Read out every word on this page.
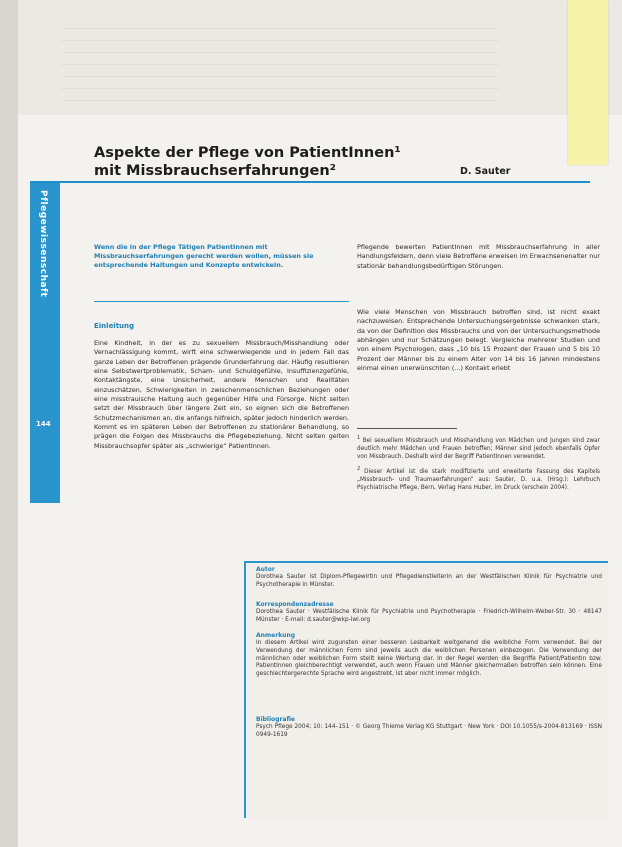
Aspekte der Pflege von PatientInnen¹
mit Missbrauchserfahrungen²	D. Sauter
Pflegewissenschaft
144

Wenn die in der Pflege Tätigen PatientInnen mit Missbrauchserfahrungen gerecht werden wollen, müssen sie entsprechende Haltungen und Konzepte entwickeln.

Einleitung

Eine Kindheit, in der es zu sexuellem Missbrauch/Misshandlung oder Vernachlässigung kommt, wirft eine schwerwiegende und in jedem Fall das ganze Leben der Betroffenen prägende Grunderfahrung dar. Häufig resultieren eine Selbstwertproblematik, Scham- und Schuldgefühle, Insuffizienzgefühle, Kontaktängste, eine Unsicherheit, andere Menschen und Realitäten einzuschätzen, Schwierigkeiten in zwischenmenschlichen Beziehungen oder eine misstrauische Haltung auch gegenüber Hilfe und Fürsorge. Nicht selten setzt der Missbrauch über längere Zeit ein, so eignen sich die Betroffenen Schutzmechanismen an, die anfangs hilfreich, später jedoch hinderlich werden. Kommt es im späteren Leben der Betroffenen zu stationärer Behandlung, so prägen die Folgen des Missbrauchs die Pflegebeziehung. Nicht selten gelten Missbrauchsopfer später als „schwierige“ PatientInnen.

Pflegende bewerten PatientInnen mit Missbrauchserfahrung in aller Handlungsfeldern, denn viele Betroffene erweisen im Erwachsenenalter nur stationär behandlungsbedürftigen Störungen.

Wie viele Menschen von Missbrauch betroffen sind, ist nicht exakt nachzuweisen. Entsprechende Untersuchungsergebnisse schwanken stark, da von der Definition des Missbrauchs und von der Untersuchungsmethode abhängen und nur Schätzungen belegt. Vergleiche mehrerer Studien und von einem Psychologen, dass „10 bis 15 Prozent der Frauen und 5 bis 10 Prozent der Männer bis zu einem Alter von 14 bis 16 Jahren mindestens einmal einen unerwünschten (...) Kontakt erlebt

$^1$ Bei sexuellem Missbrauch und Misshandlung von Mädchen und Jungen sind zwar deutlich mehr Mädchen und Frauen betroffen; Männer sind jedoch ebenfalls Opfer von Missbrauch. Deshalb wird der Begriff PatientInnen verwendet.

$^2$ Dieser Artikel ist die stark modifizierte und erweiterte Fassung des Kapitels „Missbrauch- und Traumaerfahrungen“ aus: Sauter, D. u.a. (Hrsg.): Lehrbuch Psychiatrische Pflege, Bern, Verlag Hans Huber, im Druck (erschein 2004).

Autor

Dorothea Sauter ist Diplom-Pflegewirtin und Pflegedienstleiterin an der Westfälischen Klinik für Psychiatrie und Psychotherapie in Münster.

Korrespondenzadresse

Dorothea Sauter · Westfälische Klinik für Psychiatrie und Psychotherapie · Friedrich-Wilhelm-Weber-Str. 30 · 48147 Münster · E-mail: d.sauter@wkp-lwl.org

Anmerkung

In diesem Artikel wird zugunsten einer besseren Lesbarkeit weitgehend die weibliche Form verwendet. Bei der Verwendung der männlichen Form sind jeweils auch die weiblichen Personen einbezogen. Die Verwendung der männlichen oder weiblichen Form stellt keine Wertung dar. In der Regel werden die Begriffe Patient/Patientin bzw. PatientInnen gleichberechtigt verwendet, auch wenn Frauen und Männer gleichermaßen betroffen sein können. Eine geschlechtergerechte Sprache wird angestrebt, ist aber nicht immer möglich.

Bibliografie

Psych Pflege 2004; 10: 144–151 · © Georg Thieme Verlag KG Stuttgart · New York · DOI 10.1055/s-2004-813169 · ISSN 0949-1619
